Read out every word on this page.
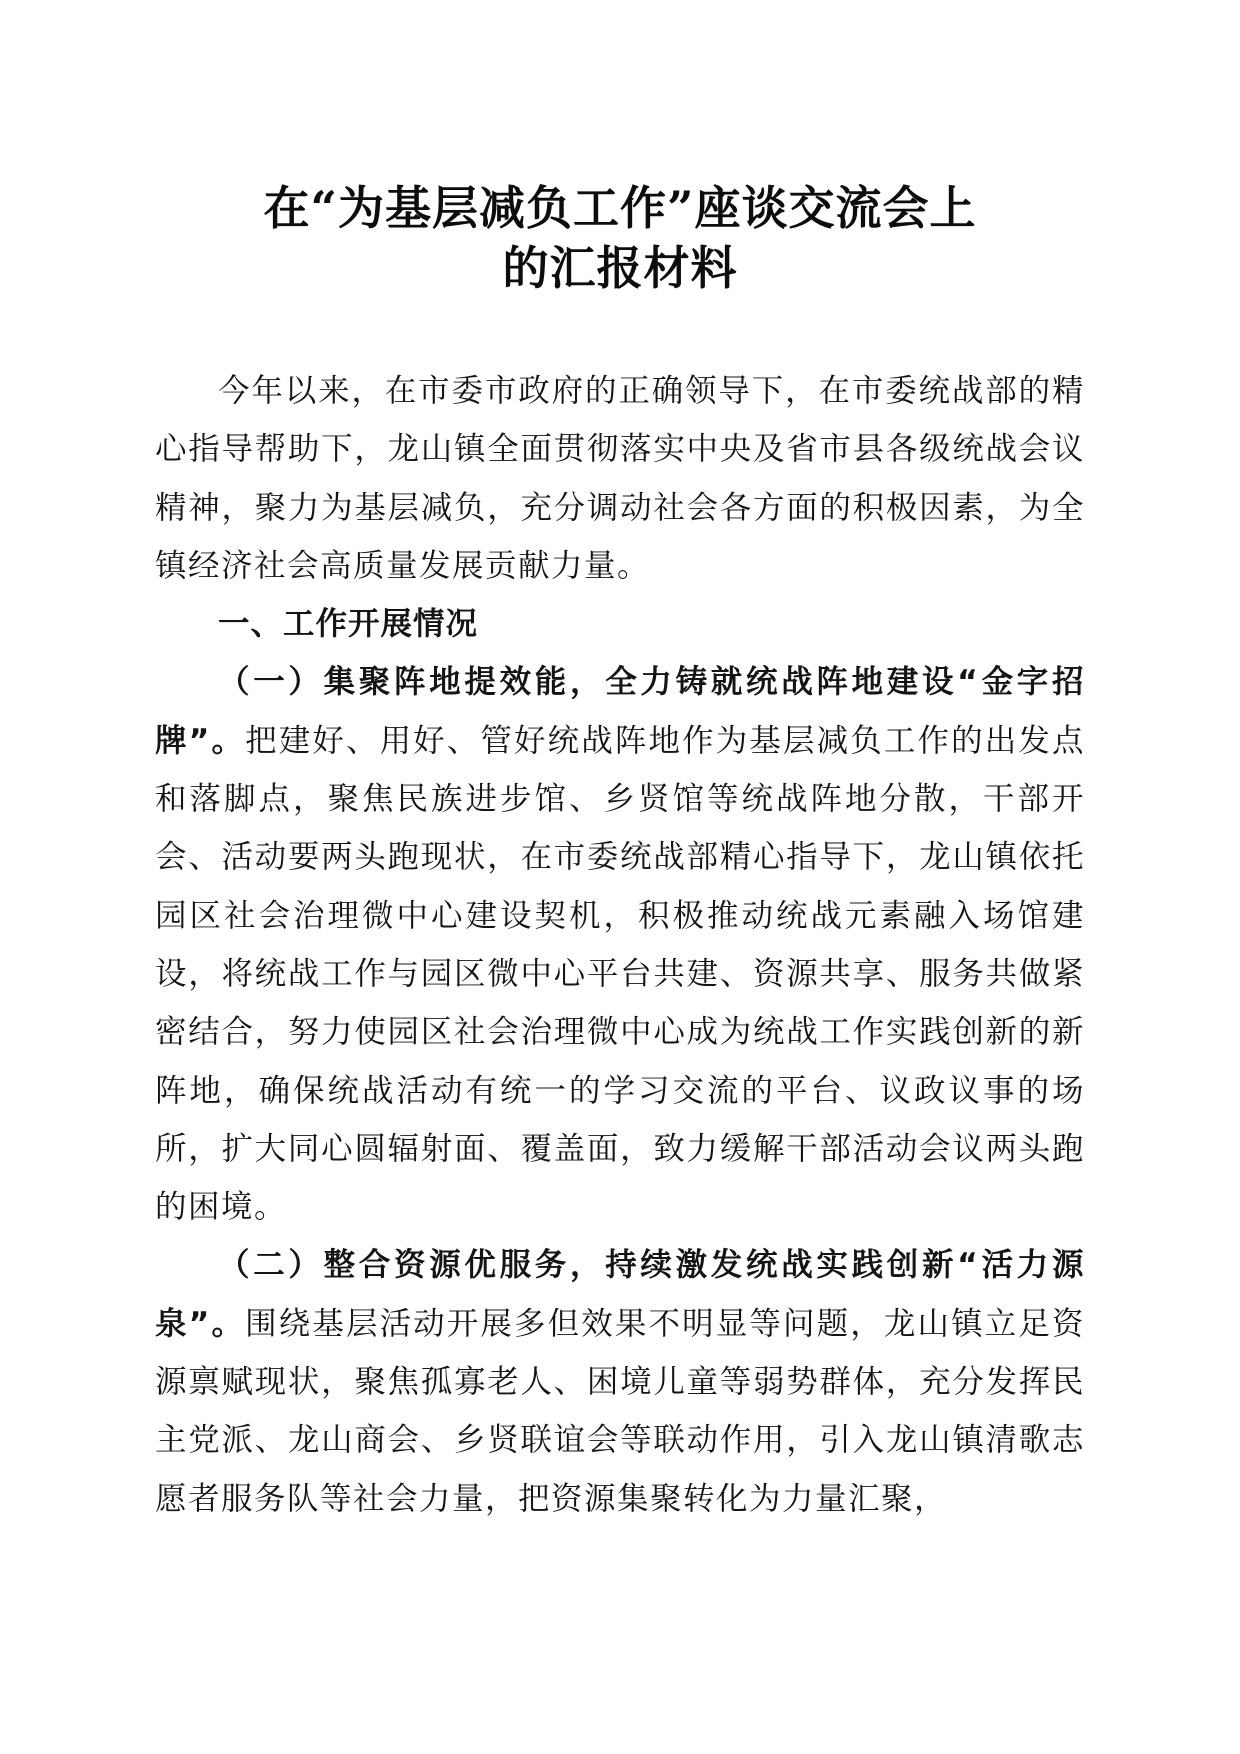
在“为基层减负工作”座谈交流会上
的汇报材料

今年以来，在市委市政府的正确领导下，在市委统战部的精心指导帮助下，龙山镇全面贯彻落实中央及省市县各级统战会议精神，聚力为基层减负，充分调动社会各方面的积极因素，为全镇经济社会高质量发展贡献力量。

一、工作开展情况

（一）集聚阵地提效能，全力铸就统战阵地建设“金字招牌”。把建好、用好、管好统战阵地作为基层减负工作的出发点和落脚点，聚焦民族进步馆、乡贤馆等统战阵地分散，干部开会、活动要两头跑现状，在市委统战部精心指导下，龙山镇依托园区社会治理微中心建设契机，积极推动统战元素融入场馆建设，将统战工作与园区微中心平台共建、资源共享、服务共做紧密结合，努力使园区社会治理微中心成为统战工作实践创新的新阵地，确保统战活动有统一的学习交流的平台、议政议事的场所，扩大同心圆辐射面、覆盖面，致力缓解干部活动会议两头跑的困境。

（二）整合资源优服务，持续激发统战实践创新“活力源泉”。围绕基层活动开展多但效果不明显等问题，龙山镇立足资源禀赋现状，聚焦孤寡老人、困境儿童等弱势群体，充分发挥民主党派、龙山商会、乡贤联谊会等联动作用，引入龙山镇清歌志愿者服务队等社会力量，把资源集聚转化为力量汇聚，
